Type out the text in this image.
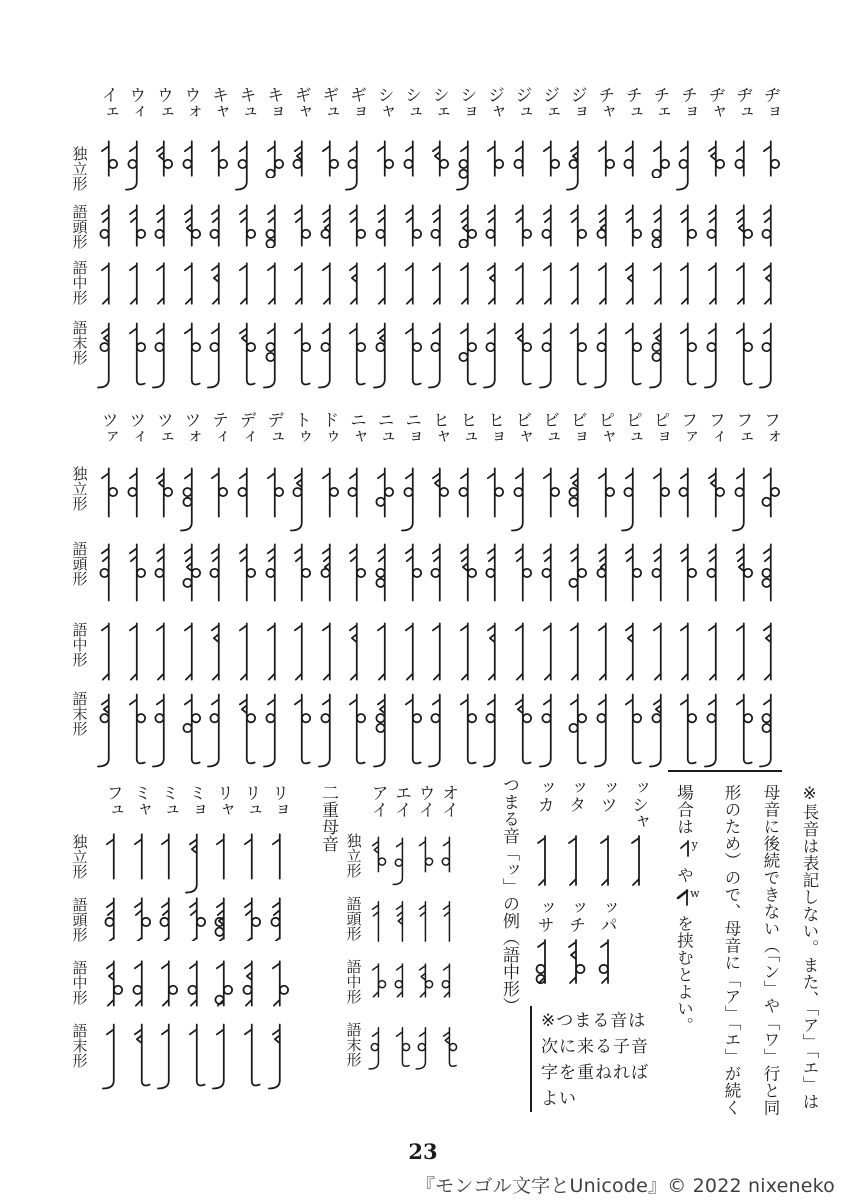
イェ ウィ ウェ ウォ キャ キュ キョ ギャ ギュ ギョ シャ シュ シェ ショ ジャ ジュ ジェ ジョ チャ チュ チェ チョ ヂャ ヂュ ヂョ
独立形
語頭形
語中形
語末形
ツァ ツィ ツェ ツォ ティ ディ デュ トゥ ドゥ ニャ ニュ ニョ ヒャ ヒュ ヒョ ビャ ビュ ビョ ピャ ピュ ピョ ファ フィ フェ フォ
独立形
語頭形
語中形
語末形
フュ ミャ ミュ ミョ リャ リュ リョ
独立形
語頭形
語中形
語末形
アイ エイ ウイ オイ
独立形
語頭形
語中形
語末形
ッシャ
ッツ
ッタ
ッカ
ッパ
ッチ
ッサ
二重母音	つまる音「ッ」の例（語中形）
※つまる音は
次に来る子音
字を重ねれば
よい	※長音は表記しない。また、「ア」「エ」は
母音に後続できない（「ン」や「ワ」行と同
形のため）ので、母音に「ア」「エ」が続く
場合は$^y$や$^w$を挟むとよい。
23
『モンゴル文字とUnicode』© 2022 nixeneko
